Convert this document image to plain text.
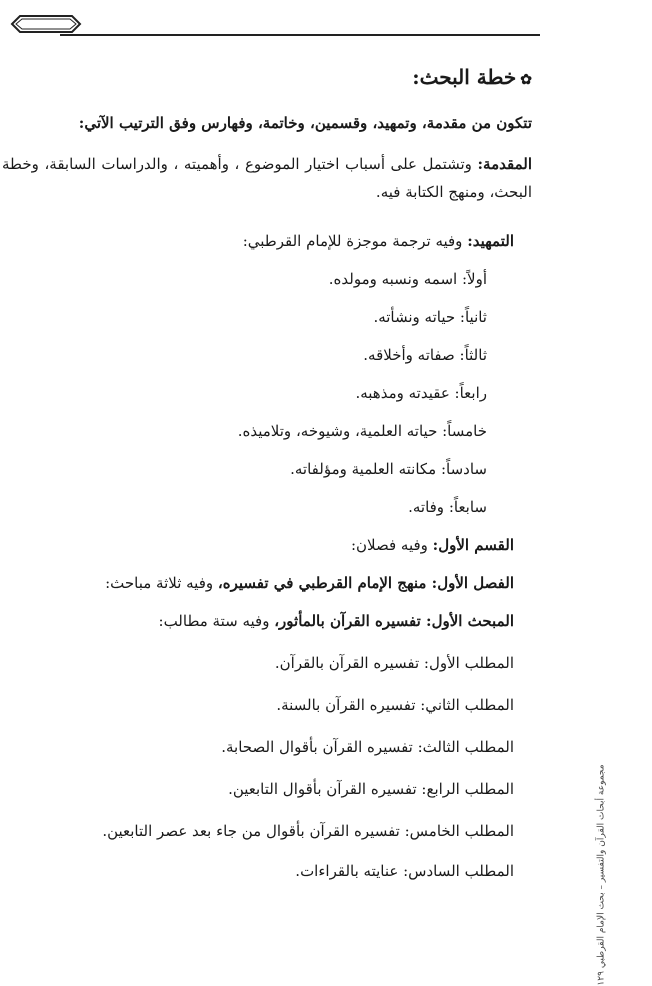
مجموعة أبحاث القرآن والتفسير – بحث الإمام القرطبي ١٢٩
✿خطة البحث:
تتكون من مقدمة، وتمهيد، وقسمين، وخاتمة، وفهارس وفق الترتيب الآتي:
المقدمة: وتشتمل على أسباب اختيار الموضوع ، وأهميته ، والدراسات السابقة، وخطة البحث، ومنهج الكتابة فيه.
التمهيد: وفيه ترجمة موجزة للإمام القرطبي:
أولاً: اسمه ونسبه ومولده.
ثانياً: حياته ونشأته.
ثالثاً: صفاته وأخلاقه.
رابعاً: عقيدته ومذهبه.
خامساً: حياته العلمية، وشيوخه، وتلاميذه.
سادساً: مكانته العلمية ومؤلفاته.
سابعاً: وفاته.
القسم الأول: وفيه فصلان:
الفصل الأول: منهج الإمام القرطبي في تفسيره، وفيه ثلاثة مباحث:
المبحث الأول: تفسيره القرآن بالمأثور، وفيه ستة مطالب:
المطلب الأول: تفسيره القرآن بالقرآن.
المطلب الثاني: تفسيره القرآن بالسنة.
المطلب الثالث: تفسيره القرآن بأقوال الصحابة.
المطلب الرابع: تفسيره القرآن بأقوال التابعين.
المطلب الخامس: تفسيره القرآن بأقوال من جاء بعد عصر التابعين.
المطلب السادس: عنايته بالقراءات.
